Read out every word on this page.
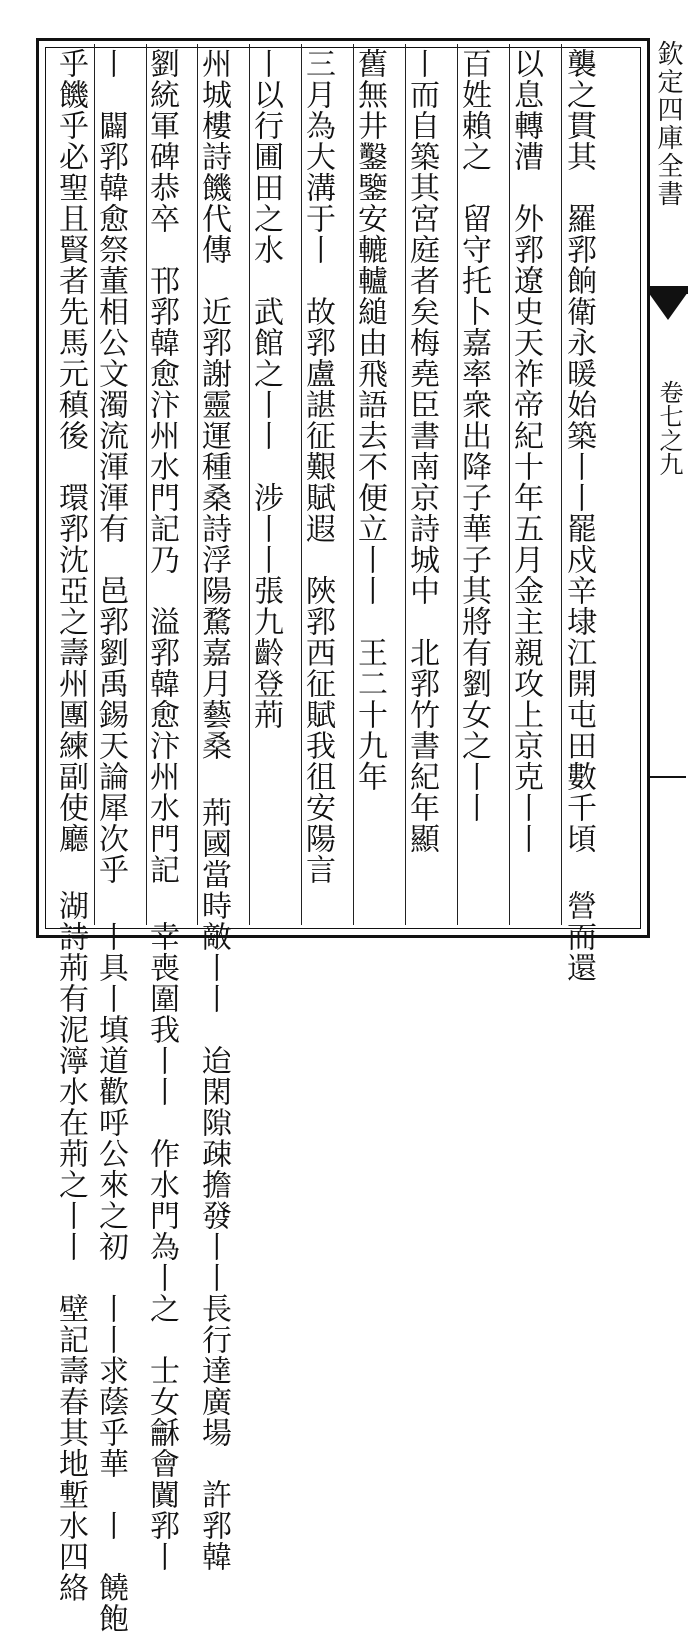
襲之貫其　羅郛餉衛永暖始築丨丨罷戍辛埭江開屯田數千頃 營而還
以息轉漕　外郛遼史天祚帝紀十年五月金主親攻上京克丨丨
百姓賴之　留守托卜嘉率衆出降子華子其將有劉女之丨丨
丨而自築其宮庭者矣梅堯臣書南京詩城中　北郛竹書紀年顯
舊無井鑿鑒安轆轤縋由飛語去不便立丨丨　王二十九年
三月為大溝于丨　故郛盧諶征艱賦遐　陜郛西征賦我徂安陽言
丨以行圃田之水　武館之丨丨　涉丨丨張九齡登荊
州城樓詩饑代傳　近郛謝靈運種桑詩浮陽騖嘉月藝桑 荊國當時敵丨丨　迨閑隙疎擔發丨丨長行達廣場　許郛韓
劉統軍碑恭卒　邗郛韓愈汴州水門記乃　溢郛韓愈汴州水門記 幸喪圍我丨丨　作水門為丨之　士女龢會闐郛丨
丨　闢郛韓愈祭董相公文濁流渾渾有　邑郛劉禹錫天論犀次乎 丨具丨填道歡呼公來之初　丨丨求蔭乎華　丨　饒飽
乎饑乎必聖且賢者先馬元稹後　環郛沈亞之壽州團練副使廳 湖詩荊有泥濘水在荊之丨丨　壁記壽春其地塹水四絡
欽定四庫全書
卷七之九
